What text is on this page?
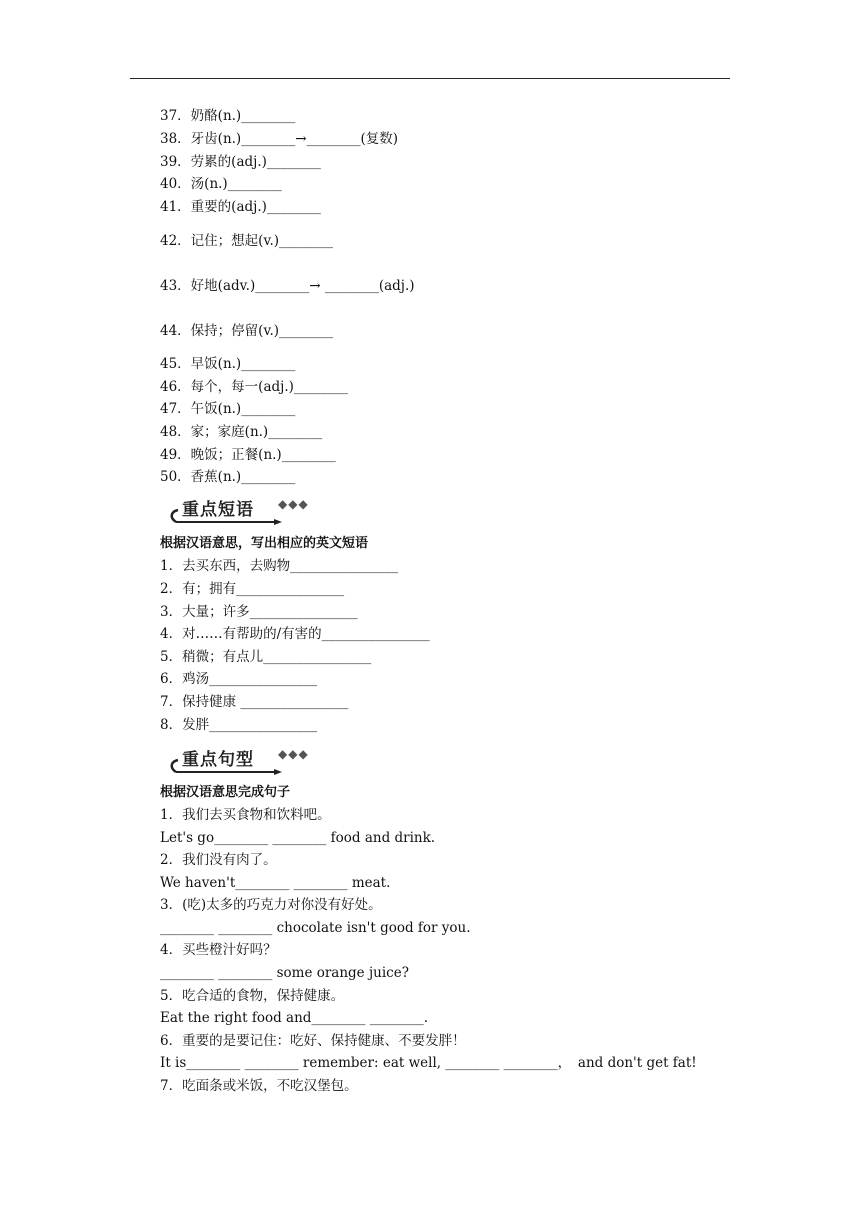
37．奶酪(n.)________
38．牙齿(n.)________→________(复数)
39．劳累的(adj.)________
40．汤(n.)________
41．重要的(adj.)________
42．记住；想起(v.)________
43．好地(adv.)________→ ________(adj.)
44．保持；停留(v.)________
45．早饭(n.)________
46．每个，每一(adj.)________
47．午饭(n.)________
48．家；家庭(n.)________
49．晚饭；正餐(n.)________
50．香蕉(n.)________
重点短语 ◆◆◆
根据汉语意思，写出相应的英文短语
1．去买东西，去购物________________
2．有；拥有________________
3．大量；许多________________
4．对……有帮助的/有害的________________
5．稍微；有点儿________________
6．鸡汤________________
7．保持健康 ________________
8．发胖________________
重点句型 ◆◆◆
根据汉语意思完成句子
1．我们去买食物和饮料吧。
Let's go________ ________ food and drink.
2．我们没有肉了。
We haven't________ ________ meat.
3．(吃)太多的巧克力对你没有好处。
________ ________ chocolate isn't good for you.
4．买些橙汁好吗？
________ ________ some orange juice?
5．吃合适的食物，保持健康。
Eat the right food and________ ________.
6．重要的是要记住：吃好、保持健康、不要发胖！
It is________ ________ remember: eat well, ________ ________，　and don't get fat!
7．吃面条或米饭，不吃汉堡包。
